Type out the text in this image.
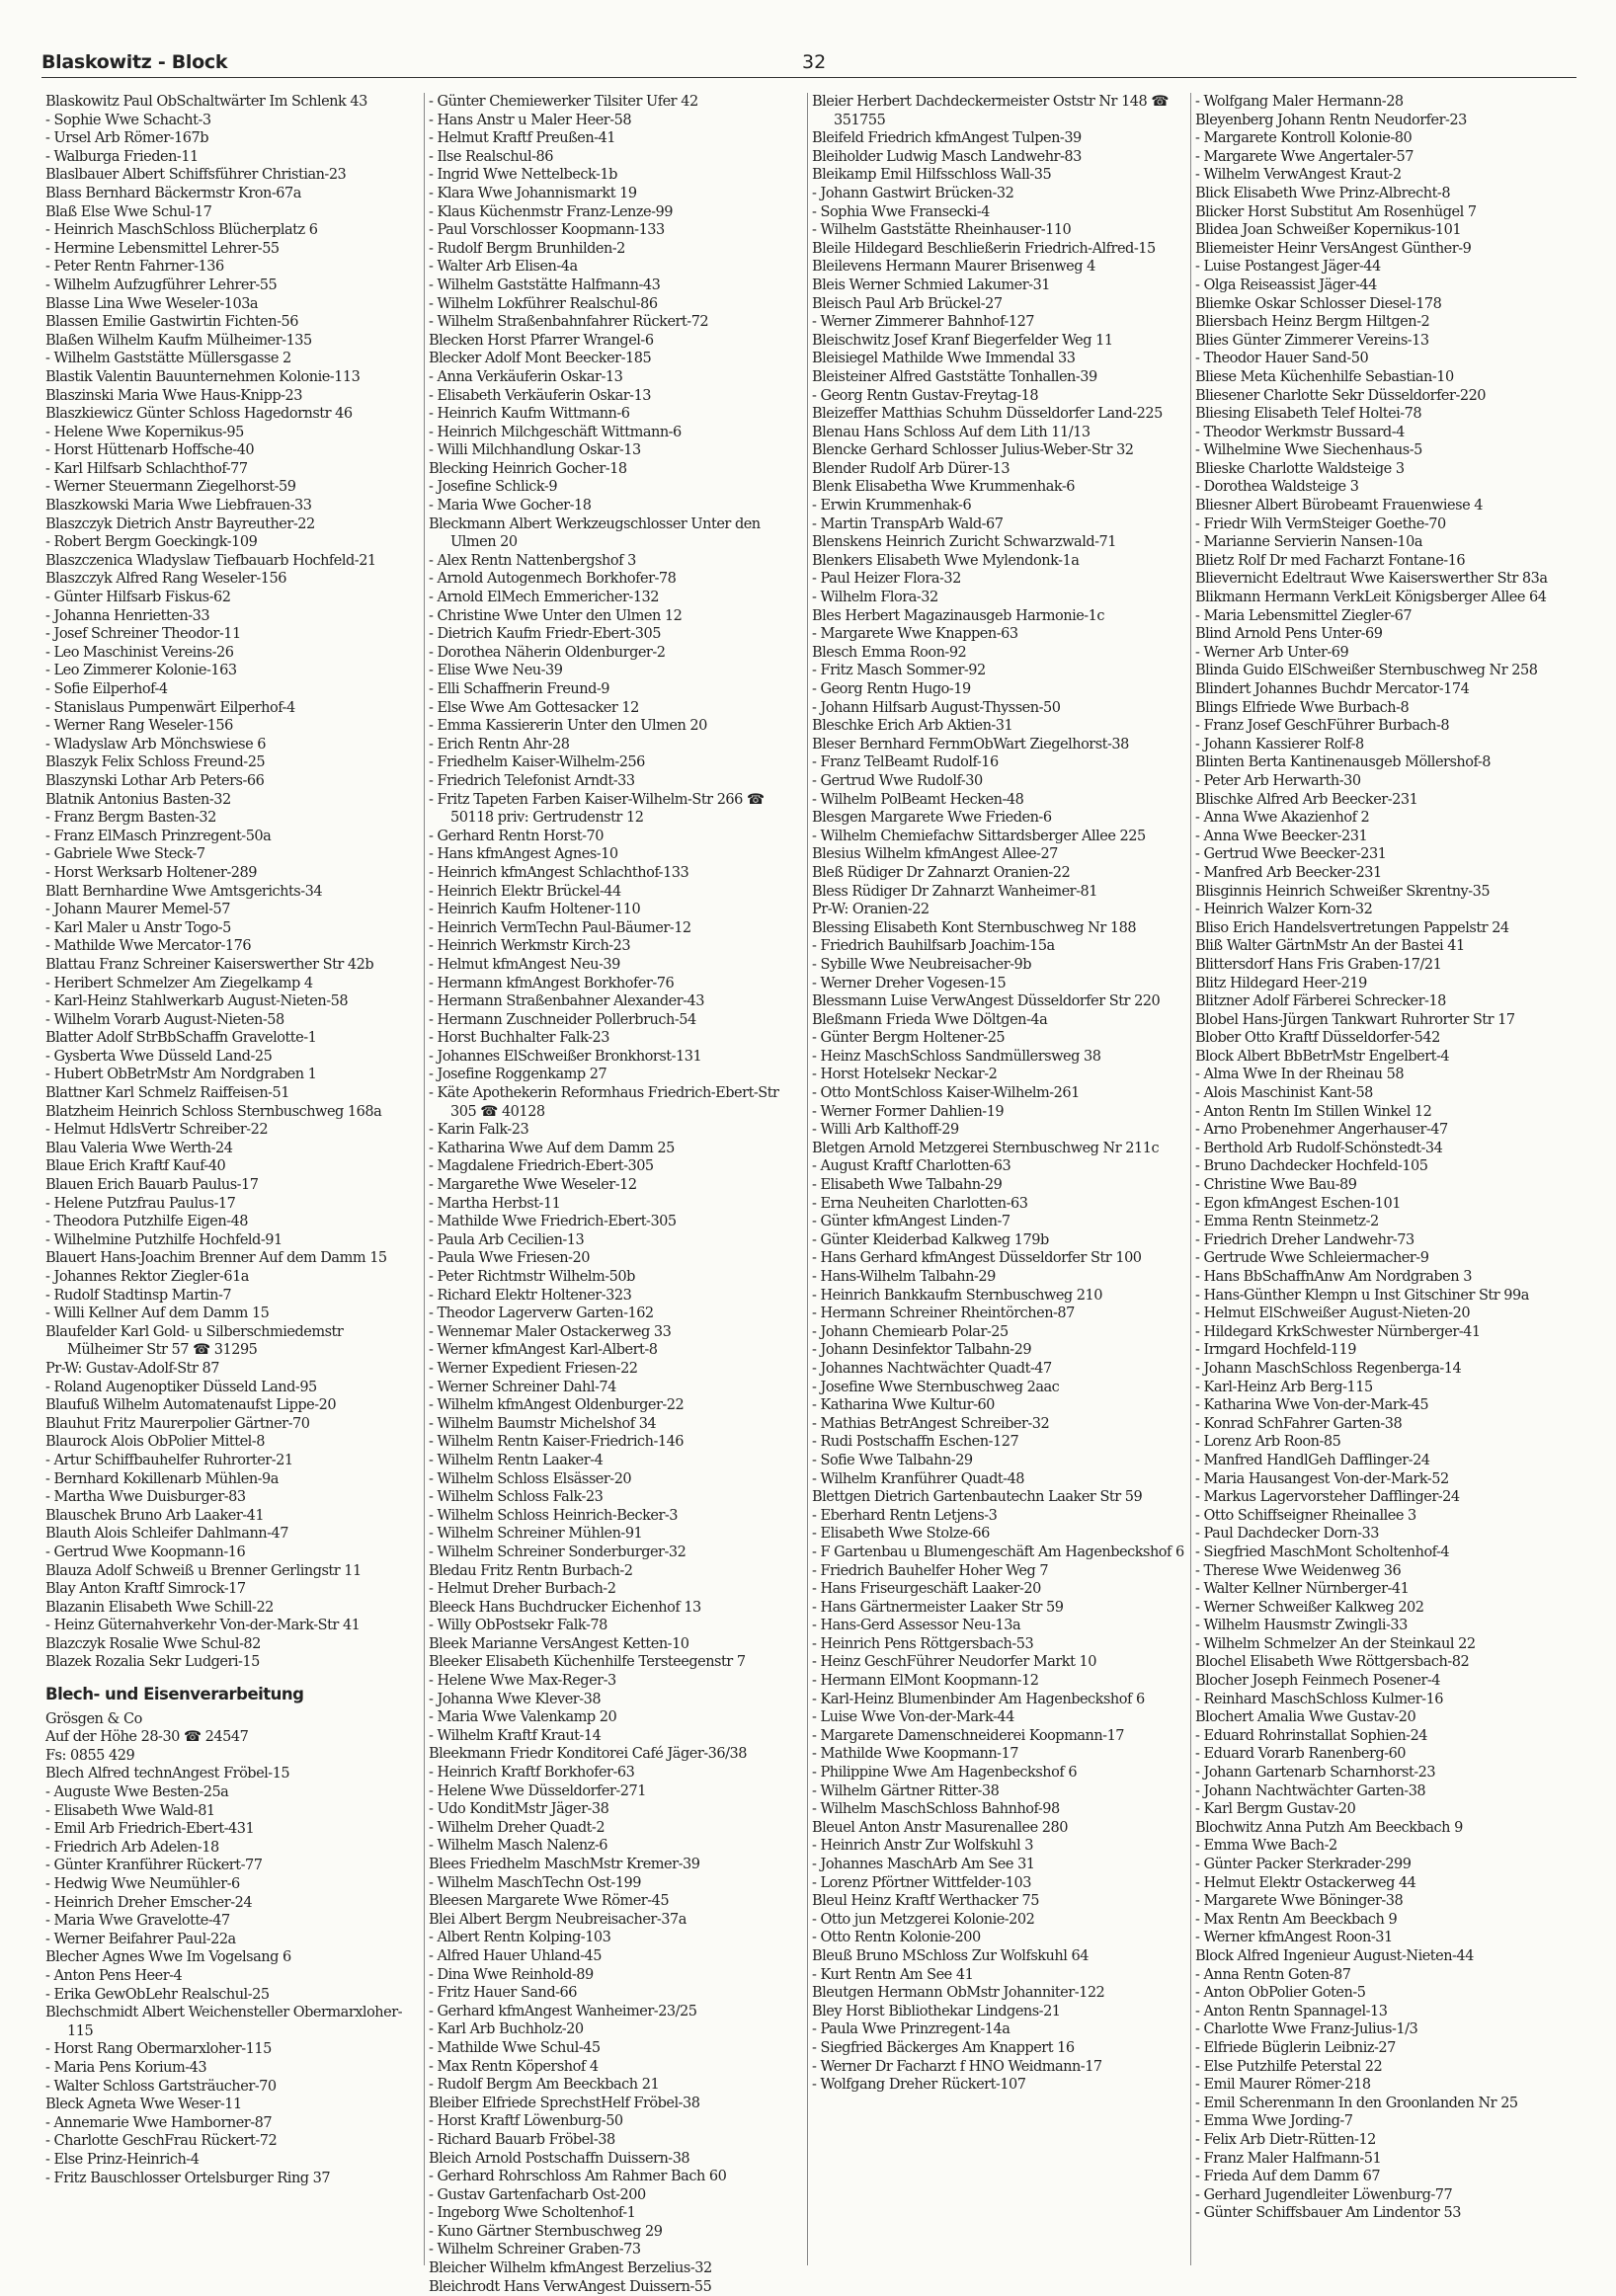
Blaskowitz - Block	32
Blaskowitz Paul ObSchaltwärter Im Schlenk 43
- Sophie Wwe Schacht-3
- Ursel Arb Römer-167b
- Walburga Frieden-11
Blaslbauer Albert Schiffsführer Christian-23
Blass Bernhard Bäckermstr Kron-67a
Blaß Else Wwe Schul-17
- Heinrich MaschSchloss Blücherplatz 6
- Hermine Lebensmittel Lehrer-55
- Peter Rentn Fahrner-136
- Wilhelm Aufzugführer Lehrer-55
Blasse Lina Wwe Weseler-103a
Blassen Emilie Gastwirtin Fichten-56
Blaßen Wilhelm Kaufm Mülheimer-135
- Wilhelm Gaststätte Müllersgasse 2
Blastik Valentin Bauunternehmen Kolonie-113
Blaszinski Maria Wwe Haus-Knipp-23
Blaszkiewicz Günter Schloss Hagedornstr 46
- Helene Wwe Kopernikus-95
- Horst Hüttenarb Hoffsche-40
- Karl Hilfsarb Schlachthof-77
- Werner Steuermann Ziegelhorst-59
Blaszkowski Maria Wwe Liebfrauen-33
Blaszczyk Dietrich Anstr Bayreuther-22
- Robert Bergm Goeckingk-109
Blaszczenica Wladyslaw Tiefbauarb Hochfeld-21
Blaszczyk Alfred Rang Weseler-156
- Günter Hilfsarb Fiskus-62
- Johanna Henrietten-33
- Josef Schreiner Theodor-11
- Leo Maschinist Vereins-26
- Leo Zimmerer Kolonie-163
- Sofie Eilperhof-4
- Stanislaus Pumpenwärt Eilperhof-4
- Werner Rang Weseler-156
- Wladyslaw Arb Mönchswiese 6
Blaszyk Felix Schloss Freund-25
Blaszynski Lothar Arb Peters-66
Blatnik Antonius Basten-32
- Franz Bergm Basten-32
- Franz ElMasch Prinzregent-50a
- Gabriele Wwe Steck-7
- Horst Werksarb Holtener-289
Blatt Bernhardine Wwe Amtsgerichts-34
- Johann Maurer Memel-57
- Karl Maler u Anstr Togo-5
- Mathilde Wwe Mercator-176
Blattau Franz Schreiner Kaiserswerther Str 42b
- Heribert Schmelzer Am Ziegelkamp 4
- Karl-Heinz Stahlwerkarb August-Nieten-58
- Wilhelm Vorarb August-Nieten-58
Blatter Adolf StrBbSchaffn Gravelotte-1
- Gysberta Wwe Düsseld Land-25
- Hubert ObBetrMstr Am Nordgraben 1
Blattner Karl Schmelz Raiffeisen-51
Blatzheim Heinrich Schloss Sternbuschweg 168a
- Helmut HdlsVertr Schreiber-22
Blau Valeria Wwe Werth-24
Blaue Erich Kraftf Kauf-40
Blauen Erich Bauarb Paulus-17
- Helene Putzfrau Paulus-17
- Theodora Putzhilfe Eigen-48
- Wilhelmine Putzhilfe Hochfeld-91
Blauert Hans-Joachim Brenner Auf dem Damm 15
- Johannes Rektor Ziegler-61a
- Rudolf Stadtinsp Martin-7
- Willi Kellner Auf dem Damm 15
Blaufelder Karl Gold- u Silberschmiedemstr Mülheimer Str 57 ☎ 31295
Pr-W: Gustav-Adolf-Str 87
- Roland Augenoptiker Düsseld Land-95
Blaufuß Wilhelm Automatenaufst Lippe-20
Blauhut Fritz Maurerpolier Gärtner-70
Blaurock Alois ObPolier Mittel-8
- Artur Schiffbauhelfer Ruhrorter-21
- Bernhard Kokillenarb Mühlen-9a
- Martha Wwe Duisburger-83
Blauschek Bruno Arb Laaker-41
Blauth Alois Schleifer Dahlmann-47
- Gertrud Wwe Koopmann-16
Blauza Adolf Schweiß u Brenner Gerlingstr 11
Blay Anton Kraftf Simrock-17
Blazanin Elisabeth Wwe Schill-22
- Heinz Güternahverkehr Von-der-Mark-Str 41
Blazczyk Rosalie Wwe Schul-82
Blazek Rozalia Sekr Ludgeri-15
Blech- und Eisenverarbeitung
Grösgen & Co
Auf der Höhe 28-30 ☎ 24547
Fs: 0855 429
Blech Alfred technAngest Fröbel-15
- Auguste Wwe Besten-25a
- Elisabeth Wwe Wald-81
- Emil Arb Friedrich-Ebert-431
- Friedrich Arb Adelen-18
- Günter Kranführer Rückert-77
- Hedwig Wwe Neumühler-6
- Heinrich Dreher Emscher-24
- Maria Wwe Gravelotte-47
- Werner Beifahrer Paul-22a
Blecher Agnes Wwe Im Vogelsang 6
- Anton Pens Heer-4
- Erika GewObLehr Realschul-25
Blechschmidt Albert Weichensteller Obermarxloher-115
- Horst Rang Obermarxloher-115
- Maria Pens Korium-43
- Walter Schloss Gartsträucher-70
Bleck Agneta Wwe Weser-11
- Annemarie Wwe Hamborner-87
- Charlotte GeschFrau Rückert-72
- Else Prinz-Heinrich-4
- Fritz Bauschlosser Ortelsburger Ring 37
- Günter Chemiewerker Tilsiter Ufer 42
- Hans Anstr u Maler Heer-58
- Helmut Kraftf Preußen-41
- Ilse Realschul-86
- Ingrid Wwe Nettelbeck-1b
- Klara Wwe Johannismarkt 19
- Klaus Küchenmstr Franz-Lenze-99
- Paul Vorschlosser Koopmann-133
- Rudolf Bergm Brunhilden-2
- Walter Arb Elisen-4a
- Wilhelm Gaststätte Halfmann-43
- Wilhelm Lokführer Realschul-86
- Wilhelm Straßenbahnfahrer Rückert-72
Blecken Horst Pfarrer Wrangel-6
Blecker Adolf Mont Beecker-185
- Anna Verkäuferin Oskar-13
- Elisabeth Verkäuferin Oskar-13
- Heinrich Kaufm Wittmann-6
- Heinrich Milchgeschäft Wittmann-6
- Willi Milchhandlung Oskar-13
Blecking Heinrich Gocher-18
- Josefine Schlick-9
- Maria Wwe Gocher-18
Bleckmann Albert Werkzeugschlosser Unter den Ulmen 20
- Alex Rentn Nattenbergshof 3
- Arnold Autogenmech Borkhofer-78
- Arnold ElMech Emmericher-132
- Christine Wwe Unter den Ulmen 12
- Dietrich Kaufm Friedr-Ebert-305
- Dorothea Näherin Oldenburger-2
- Elise Wwe Neu-39
- Elli Schaffnerin Freund-9
- Else Wwe Am Gottesacker 12
- Emma Kassiererin Unter den Ulmen 20
- Erich Rentn Ahr-28
- Friedhelm Kaiser-Wilhelm-256
- Friedrich Telefonist Arndt-33
- Fritz Tapeten Farben Kaiser-Wilhelm-Str 266 ☎ 50118 priv: Gertrudenstr 12
- Gerhard Rentn Horst-70
- Hans kfmAngest Agnes-10
- Heinrich kfmAngest Schlachthof-133
- Heinrich Elektr Brückel-44
- Heinrich Kaufm Holtener-110
- Heinrich VermTechn Paul-Bäumer-12
- Heinrich Werkmstr Kirch-23
- Helmut kfmAngest Neu-39
- Hermann kfmAngest Borkhofer-76
- Hermann Straßenbahner Alexander-43
- Hermann Zuschneider Pollerbruch-54
- Horst Buchhalter Falk-23
- Johannes ElSchweißer Bronkhorst-131
- Josefine Roggenkamp 27
- Käte Apothekerin Reformhaus Friedrich-Ebert-Str 305 ☎ 40128
- Karin Falk-23
- Katharina Wwe Auf dem Damm 25
- Magdalene Friedrich-Ebert-305
- Margarethe Wwe Weseler-12
- Martha Herbst-11
- Mathilde Wwe Friedrich-Ebert-305
- Paula Arb Cecilien-13
- Paula Wwe Friesen-20
- Peter Richtmstr Wilhelm-50b
- Richard Elektr Holtener-323
- Theodor Lagerverw Garten-162
- Wennemar Maler Ostackerweg 33
- Werner kfmAngest Karl-Albert-8
- Werner Expedient Friesen-22
- Werner Schreiner Dahl-74
- Wilhelm kfmAngest Oldenburger-22
- Wilhelm Baumstr Michelshof 34
- Wilhelm Rentn Kaiser-Friedrich-146
- Wilhelm Rentn Laaker-4
- Wilhelm Schloss Elsässer-20
- Wilhelm Schloss Falk-23
- Wilhelm Schloss Heinrich-Becker-3
- Wilhelm Schreiner Mühlen-91
- Wilhelm Schreiner Sonderburger-32
Bledau Fritz Rentn Burbach-2
- Helmut Dreher Burbach-2
Bleeck Hans Buchdrucker Eichenhof 13
- Willy ObPostsekr Falk-78
Bleek Marianne VersAngest Ketten-10
Bleeker Elisabeth Küchenhilfe Tersteegenstr 7
- Helene Wwe Max-Reger-3
- Johanna Wwe Klever-38
- Maria Wwe Valenkamp 20
- Wilhelm Kraftf Kraut-14
Bleekmann Friedr Konditorei Café Jäger-36/38
- Heinrich Kraftf Borkhofer-63
- Helene Wwe Düsseldorfer-271
- Udo KonditMstr Jäger-38
- Wilhelm Dreher Quadt-2
- Wilhelm Masch Nalenz-6
Blees Friedhelm MaschMstr Kremer-39
- Wilhelm MaschTechn Ost-199
Bleesen Margarete Wwe Römer-45
Blei Albert Bergm Neubreisacher-37a
- Albert Rentn Kolping-103
- Alfred Hauer Uhland-45
- Dina Wwe Reinhold-89
- Fritz Hauer Sand-66
- Gerhard kfmAngest Wanheimer-23/25
- Karl Arb Buchholz-20
- Mathilde Wwe Schul-45
- Max Rentn Köpershof 4
- Rudolf Bergm Am Beeckbach 21
Bleiber Elfriede SprechstHelf Fröbel-38
- Horst Kraftf Löwenburg-50
- Richard Bauarb Fröbel-38
Bleich Arnold Postschaffn Duissern-38
- Gerhard Rohrschloss Am Rahmer Bach 60
- Gustav Gartenfacharb Ost-200
- Ingeborg Wwe Scholtenhof-1
- Kuno Gärtner Sternbuschweg 29
- Wilhelm Schreiner Graben-73
Bleicher Wilhelm kfmAngest Berzelius-32
Bleichrodt Hans VerwAngest Duissern-55
Bleier Herbert Dachdeckermeister Oststr Nr 148 ☎ 351755
Bleifeld Friedrich kfmAngest Tulpen-39
Bleiholder Ludwig Masch Landwehr-83
Bleikamp Emil Hilfsschloss Wall-35
- Johann Gastwirt Brücken-32
- Sophia Wwe Fransecki-4
- Wilhelm Gaststätte Rheinhauser-110
Bleile Hildegard Beschließerin Friedrich-Alfred-15
Bleilevens Hermann Maurer Brisenweg 4
Bleis Werner Schmied Lakumer-31
Bleisch Paul Arb Brückel-27
- Werner Zimmerer Bahnhof-127
Bleischwitz Josef Kranf Biegerfelder Weg 11
Bleisiegel Mathilde Wwe Immendal 33
Bleisteiner Alfred Gaststätte Tonhallen-39
- Georg Rentn Gustav-Freytag-18
Bleizeffer Matthias Schuhm Düsseldorfer Land-225
Blenau Hans Schloss Auf dem Lith 11/13
Blencke Gerhard Schlosser Julius-Weber-Str 32
Blender Rudolf Arb Dürer-13
Blenk Elisabetha Wwe Krummenhak-6
- Erwin Krummenhak-6
- Martin TranspArb Wald-67
Blenskens Heinrich Zuricht Schwarzwald-71
Blenkers Elisabeth Wwe Mylendonk-1a
- Paul Heizer Flora-32
- Wilhelm Flora-32
Bles Herbert Magazinausgeb Harmonie-1c
- Margarete Wwe Knappen-63
Blesch Emma Roon-92
- Fritz Masch Sommer-92
- Georg Rentn Hugo-19
- Johann Hilfsarb August-Thyssen-50
Bleschke Erich Arb Aktien-31
Bleser Bernhard FernmObWart Ziegelhorst-38
- Franz TelBeamt Rudolf-16
- Gertrud Wwe Rudolf-30
- Wilhelm PolBeamt Hecken-48
Blesgen Margarete Wwe Frieden-6
- Wilhelm Chemiefachw Sittardsberger Allee 225
Blesius Wilhelm kfmAngest Allee-27
Bleß Rüdiger Dr Zahnarzt Oranien-22
Bless Rüdiger Dr Zahnarzt Wanheimer-81
Pr-W: Oranien-22
Blessing Elisabeth Kont Sternbuschweg Nr 188
- Friedrich Bauhilfsarb Joachim-15a
- Sybille Wwe Neubreisacher-9b
- Werner Dreher Vogesen-15
Blessmann Luise VerwAngest Düsseldorfer Str 220
Bleßmann Frieda Wwe Döltgen-4a
- Günter Bergm Holtener-25
- Heinz MaschSchloss Sandmüllersweg 38
- Horst Hotelsekr Neckar-2
- Otto MontSchloss Kaiser-Wilhelm-261
- Werner Former Dahlien-19
- Willi Arb Kalthoff-29
Bletgen Arnold Metzgerei Sternbuschweg Nr 211c
- August Kraftf Charlotten-63
- Elisabeth Wwe Talbahn-29
- Erna Neuheiten Charlotten-63
- Günter kfmAngest Linden-7
- Günter Kleiderbad Kalkweg 179b
- Hans Gerhard kfmAngest Düsseldorfer Str 100
- Hans-Wilhelm Talbahn-29
- Heinrich Bankkaufm Sternbuschweg 210
- Hermann Schreiner Rheintörchen-87
- Johann Chemiearb Polar-25
- Johann Desinfektor Talbahn-29
- Johannes Nachtwächter Quadt-47
- Josefine Wwe Sternbuschweg 2aac
- Katharina Wwe Kultur-60
- Mathias BetrAngest Schreiber-32
- Rudi Postschaffn Eschen-127
- Sofie Wwe Talbahn-29
- Wilhelm Kranführer Quadt-48
Blettgen Dietrich Gartenbautechn Laaker Str 59
- Eberhard Rentn Letjens-3
- Elisabeth Wwe Stolze-66
- F Gartenbau u Blumengeschäft Am Hagenbeckshof 6
- Friedrich Bauhelfer Hoher Weg 7
- Hans Friseurgeschäft Laaker-20
- Hans Gärtnermeister Laaker Str 59
- Hans-Gerd Assessor Neu-13a
- Heinrich Pens Röttgersbach-53
- Heinz GeschFührer Neudorfer Markt 10
- Hermann ElMont Koopmann-12
- Karl-Heinz Blumenbinder Am Hagenbeckshof 6
- Luise Wwe Von-der-Mark-44
- Margarete Damenschneiderei Koopmann-17
- Mathilde Wwe Koopmann-17
- Philippine Wwe Am Hagenbeckshof 6
- Wilhelm Gärtner Ritter-38
- Wilhelm MaschSchloss Bahnhof-98
Bleuel Anton Anstr Masurenallee 280
- Heinrich Anstr Zur Wolfskuhl 3
- Johannes MaschArb Am See 31
- Lorenz Pförtner Wittfelder-103
Bleul Heinz Kraftf Werthacker 75
- Otto jun Metzgerei Kolonie-202
- Otto Rentn Kolonie-200
Bleuß Bruno MSchloss Zur Wolfskuhl 64
- Kurt Rentn Am See 41
Bleutgen Hermann ObMstr Johanniter-122
Bley Horst Bibliothekar Lindgens-21
- Paula Wwe Prinzregent-14a
- Siegfried Bäckerges Am Knappert 16
- Werner Dr Facharzt f HNO Weidmann-17
- Wolfgang Dreher Rückert-107
- Wolfgang Maler Hermann-28
Bleyenberg Johann Rentn Neudorfer-23
- Margarete Kontroll Kolonie-80
- Margarete Wwe Angertaler-57
- Wilhelm VerwAngest Kraut-2
Blick Elisabeth Wwe Prinz-Albrecht-8
Blicker Horst Substitut Am Rosenhügel 7
Blidea Joan Schweißer Kopernikus-101
Bliemeister Heinr VersAngest Günther-9
- Luise Postangest Jäger-44
- Olga Reiseassist Jäger-44
Bliemke Oskar Schlosser Diesel-178
Bliersbach Heinz Bergm Hiltgen-2
Blies Günter Zimmerer Vereins-13
- Theodor Hauer Sand-50
Bliese Meta Küchenhilfe Sebastian-10
Bliesener Charlotte Sekr Düsseldorfer-220
Bliesing Elisabeth Telef Holtei-78
- Theodor Werkmstr Bussard-4
- Wilhelmine Wwe Siechenhaus-5
Blieske Charlotte Waldsteige 3
- Dorothea Waldsteige 3
Bliesner Albert Bürobeamt Frauenwiese 4
- Friedr Wilh VermSteiger Goethe-70
- Marianne Servierin Nansen-10a
Blietz Rolf Dr med Facharzt Fontane-16
Blievernicht Edeltraut Wwe Kaiserswerther Str 83a
Blikmann Hermann VerkLeit Königsberger Allee 64
- Maria Lebensmittel Ziegler-67
Blind Arnold Pens Unter-69
- Werner Arb Unter-69
Blinda Guido ElSchweißer Sternbuschweg Nr 258
Blindert Johannes Buchdr Mercator-174
Blings Elfriede Wwe Burbach-8
- Franz Josef GeschFührer Burbach-8
- Johann Kassierer Rolf-8
Blinten Berta Kantinenausgeb Möllershof-8
- Peter Arb Herwarth-30
Blischke Alfred Arb Beecker-231
- Anna Wwe Akazienhof 2
- Anna Wwe Beecker-231
- Gertrud Wwe Beecker-231
- Manfred Arb Beecker-231
Blisginnis Heinrich Schweißer Skrentny-35
- Heinrich Walzer Korn-32
Bliso Erich Handelsvertretungen Pappelstr 24
Bliß Walter GärtnMstr An der Bastei 41
Blittersdorf Hans Fris Graben-17/21
Blitz Hildegard Heer-219
Blitzner Adolf Färberei Schrecker-18
Blobel Hans-Jürgen Tankwart Ruhrorter Str 17
Blober Otto Kraftf Düsseldorfer-542
Block Albert BbBetrMstr Engelbert-4
- Alma Wwe In der Rheinau 58
- Alois Maschinist Kant-58
- Anton Rentn Im Stillen Winkel 12
- Arno Probenehmer Angerhauser-47
- Berthold Arb Rudolf-Schönstedt-34
- Bruno Dachdecker Hochfeld-105
- Christine Wwe Bau-89
- Egon kfmAngest Eschen-101
- Emma Rentn Steinmetz-2
- Friedrich Dreher Landwehr-73
- Gertrude Wwe Schleiermacher-9
- Hans BbSchaffnAnw Am Nordgraben 3
- Hans-Günther Klempn u Inst Gitschiner Str 99a
- Helmut ElSchweißer August-Nieten-20
- Hildegard KrkSchwester Nürnberger-41
- Irmgard Hochfeld-119
- Johann MaschSchloss Regenberga-14
- Karl-Heinz Arb Berg-115
- Katharina Wwe Von-der-Mark-45
- Konrad SchFahrer Garten-38
- Lorenz Arb Roon-85
- Manfred HandlGeh Dafflinger-24
- Maria Hausangest Von-der-Mark-52
- Markus Lagervorsteher Dafflinger-24
- Otto Schiffseigner Rheinallee 3
- Paul Dachdecker Dorn-33
- Siegfried MaschMont Scholtenhof-4
- Therese Wwe Weidenweg 36
- Walter Kellner Nürnberger-41
- Werner Schweißer Kalkweg 202
- Wilhelm Hausmstr Zwingli-33
- Wilhelm Schmelzer An der Steinkaul 22
Blochel Elisabeth Wwe Röttgersbach-82
Blocher Joseph Feinmech Posener-4
- Reinhard MaschSchloss Kulmer-16
Blochert Amalia Wwe Gustav-20
- Eduard Rohrinstallat Sophien-24
- Eduard Vorarb Ranenberg-60
- Johann Gartenarb Scharnhorst-23
- Johann Nachtwächter Garten-38
- Karl Bergm Gustav-20
Blochwitz Anna Putzh Am Beeckbach 9
- Emma Wwe Bach-2
- Günter Packer Sterkrader-299
- Helmut Elektr Ostackerweg 44
- Margarete Wwe Böninger-38
- Max Rentn Am Beeckbach 9
- Werner kfmAngest Roon-31
Block Alfred Ingenieur August-Nieten-44
- Anna Rentn Goten-87
- Anton ObPolier Goten-5
- Anton Rentn Spannagel-13
- Charlotte Wwe Franz-Julius-1/3
- Elfriede Büglerin Leibniz-27
- Else Putzhilfe Peterstal 22
- Emil Maurer Römer-218
- Emil Scherenmann In den Groonlanden Nr 25
- Emma Wwe Jording-7
- Felix Arb Dietr-Rütten-12
- Franz Maler Halfmann-51
- Frieda Auf dem Damm 67
- Gerhard Jugendleiter Löwenburg-77
- Günter Schiffsbauer Am Lindentor 53
